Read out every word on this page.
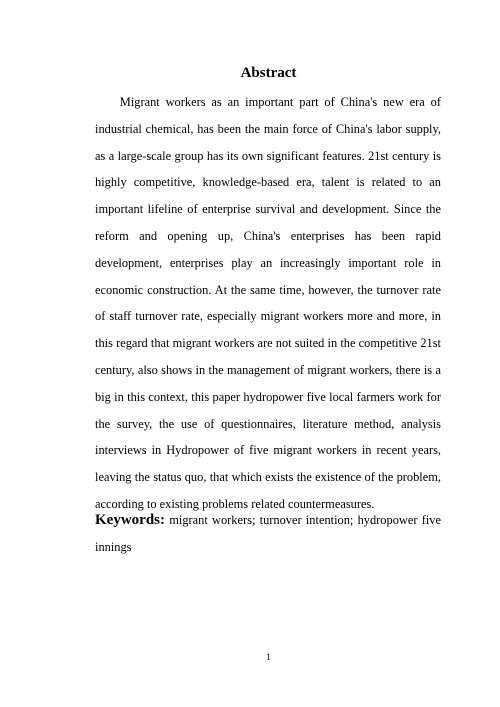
Abstract

Migrant workers as an important part of China's new era of industrial chemical, has been the main force of China's labor supply, as a large-scale group has its own significant features. 21st century is highly competitive, knowledge-based era, talent is related to an important lifeline of enterprise survival and development. Since the reform and opening up, China's enterprises has been rapid development, enterprises play an increasingly important role in economic construction. At the same time, however, the turnover rate of staff turnover rate, especially migrant workers more and more, in this regard that migrant workers are not suited in the competitive 21st century, also shows in the management of migrant workers, there is a big in this context, this paper hydropower five local farmers work for the survey, the use of questionnaires, literature method, analysis interviews in Hydropower of five migrant workers in recent years, leaving the status quo, that which exists the existence of the problem, according to existing problems related countermeasures.

Keywords: migrant workers; turnover intention; hydropower five innings

1
